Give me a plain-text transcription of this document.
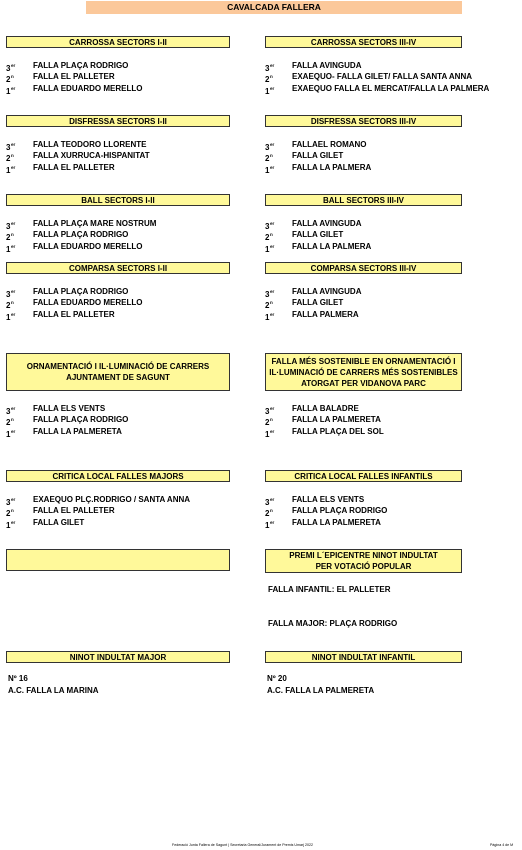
CAVALCADA FALLERA
CARROSSA SECTORS I-II
3er	FALLA PLAÇA RODRIGO
2$^n$	FALLA EL PALLETER
1er	FALLA EDUARDO MERELLO
CARROSSA SECTORS III-IV
3er	FALLA AVINGUDA
2$^n$	EXAEQUO- FALLA GILET/ FALLA SANTA ANNA
1er	EXAEQUO FALLA EL MERCAT/FALLA LA PALMERA
DISFRESSA SECTORS I-II
3er	FALLA TEODORO LLORENTE
2$^n$	FALLA XURRUCA-HISPANITAT
1er	FALLA EL PALLETER
DISFRESSA SECTORS III-IV
3er	FALLAEL ROMANO
2$^n$	FALLA GILET
1er	FALLA LA PALMERA
BALL SECTORS I-II
3er	FALLA PLAÇA MARE NOSTRUM
2$^n$	FALLA PLAÇA RODRIGO
1er	FALLA EDUARDO MERELLO
BALL SECTORS III-IV
3er	FALLA AVINGUDA
2$^n$	FALLA GILET
1er	FALLA LA PALMERA
COMPARSA SECTORS I-II
3er	FALLA PLAÇA RODRIGO
2$^n$	FALLA EDUARDO MERELLO
1er	FALLA EL PALLETER
COMPARSA SECTORS III-IV
3er	FALLA AVINGUDA
2$^n$	FALLA GILET
1er	FALLA PALMERA
ORNAMENTACIÓ I IL·LUMINACIÓ DE CARRERS
AJUNTAMENT DE SAGUNT
3er	FALLA ELS VENTS
2$^n$	FALLA PLAÇA RODRIGO
1er	FALLA LA PALMERETA
FALLA MÉS SOSTENIBLE EN ORNAMENTACIÓ I
IL·LUMINACIÓ DE CARRERS MÉS SOSTENIBLES
ATORGAT PER VIDANOVA PARC
3er	FALLA BALADRE
2$^n$	FALLA LA PALMERETA
1er	FALLA PLAÇA DEL SOL
CRITICA LOCAL FALLES MAJORS
3er	EXAEQUO PLÇ.RODRIGO / SANTA ANNA
2$^n$	FALLA EL PALLETER
1er	FALLA GILET
CRITICA LOCAL FALLES INFANTILS
3er	FALLA ELS VENTS
2$^n$	FALLA PLAÇA RODRIGO
1er	FALLA LA PALMERETA
PREMI L´EPICENTRE NINOT INDULTAT
PER VOTACIÓ POPULAR
FALLA INFANTIL: EL PALLETER
FALLA MAJOR: PLAÇA RODRIGO
NINOT INDULTAT MAJOR
Nº 16
A.C. FALLA LA MARINA
NINOT INDULTAT INFANTIL
Nº 20
A.C. FALLA LA PALMERETA
Federació Junta Fallera de Sagunt | Secretaria General/Jurament de Premis Umarj 2022	Pàgina 4 de M
